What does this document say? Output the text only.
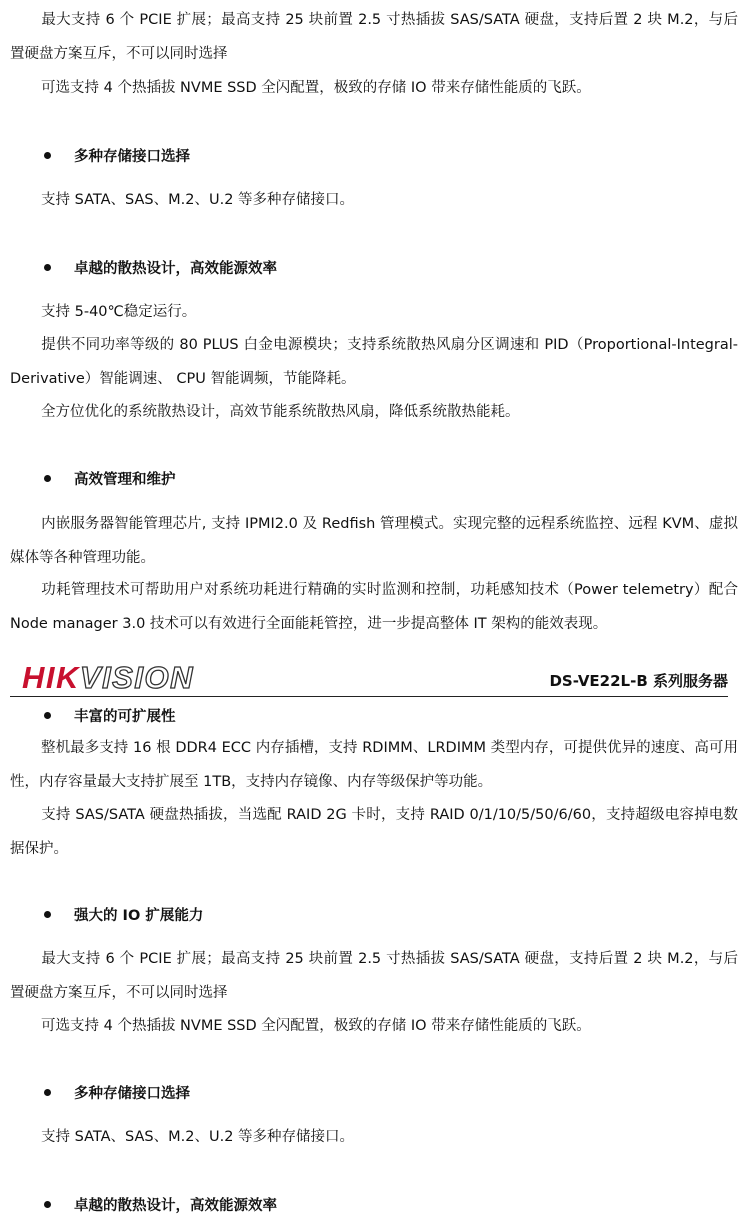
最大支持 6 个 PCIE 扩展；最高支持 25 块前置 2.5 寸热插拔 SAS/SATA 硬盘，支持后置 2 块 M.2，与后置硬盘方案互斥，不可以同时选择

可选支持 4 个热插拔 NVME SSD 全闪配置，极致的存储 IO 带来存储性能质的飞跃。

多种存储接口选择

支持 SATA、SAS、M.2、U.2 等多种存储接口。

卓越的散热设计，高效能源效率

支持 5-40℃稳定运行。

提供不同功率等级的 80 PLUS 白金电源模块；支持系统散热风扇分区调速和 PID（Proportional-Integral-Derivative）智能调速、 CPU 智能调频，节能降耗。

全方位优化的系统散热设计，高效节能系统散热风扇，降低系统散热能耗。

高效管理和维护

内嵌服务器智能管理芯片, 支持 IPMI2.0 及 Redfish 管理模式。实现完整的远程系统监控、远程 KVM、虚拟媒体等各种管理功能。

功耗管理技术可帮助用户对系统功耗进行精确的实时监测和控制，功耗感知技术（Power telemetry）配合 Node manager 3.0 技术可以有效进行全面能耗管控，进一步提高整体 IT 架构的能效表现。

HIKVISION	DS-VE22L-B 系列服务器

丰富的可扩展性

整机最多支持 16 根 DDR4 ECC 内存插槽，支持 RDIMM、LRDIMM 类型内存，可提供优异的速度、高可用性，内存容量最大支持扩展至 1TB，支持内存镜像、内存等级保护等功能。

支持 SAS/SATA 硬盘热插拔，当选配 RAID 2G 卡时，支持 RAID 0/1/10/5/50/6/60，支持超级电容掉电数据保护。

强大的 IO 扩展能力

最大支持 6 个 PCIE 扩展；最高支持 25 块前置 2.5 寸热插拔 SAS/SATA 硬盘，支持后置 2 块 M.2，与后置硬盘方案互斥，不可以同时选择

可选支持 4 个热插拔 NVME SSD 全闪配置，极致的存储 IO 带来存储性能质的飞跃。

多种存储接口选择

支持 SATA、SAS、M.2、U.2 等多种存储接口。

卓越的散热设计，高效能源效率
